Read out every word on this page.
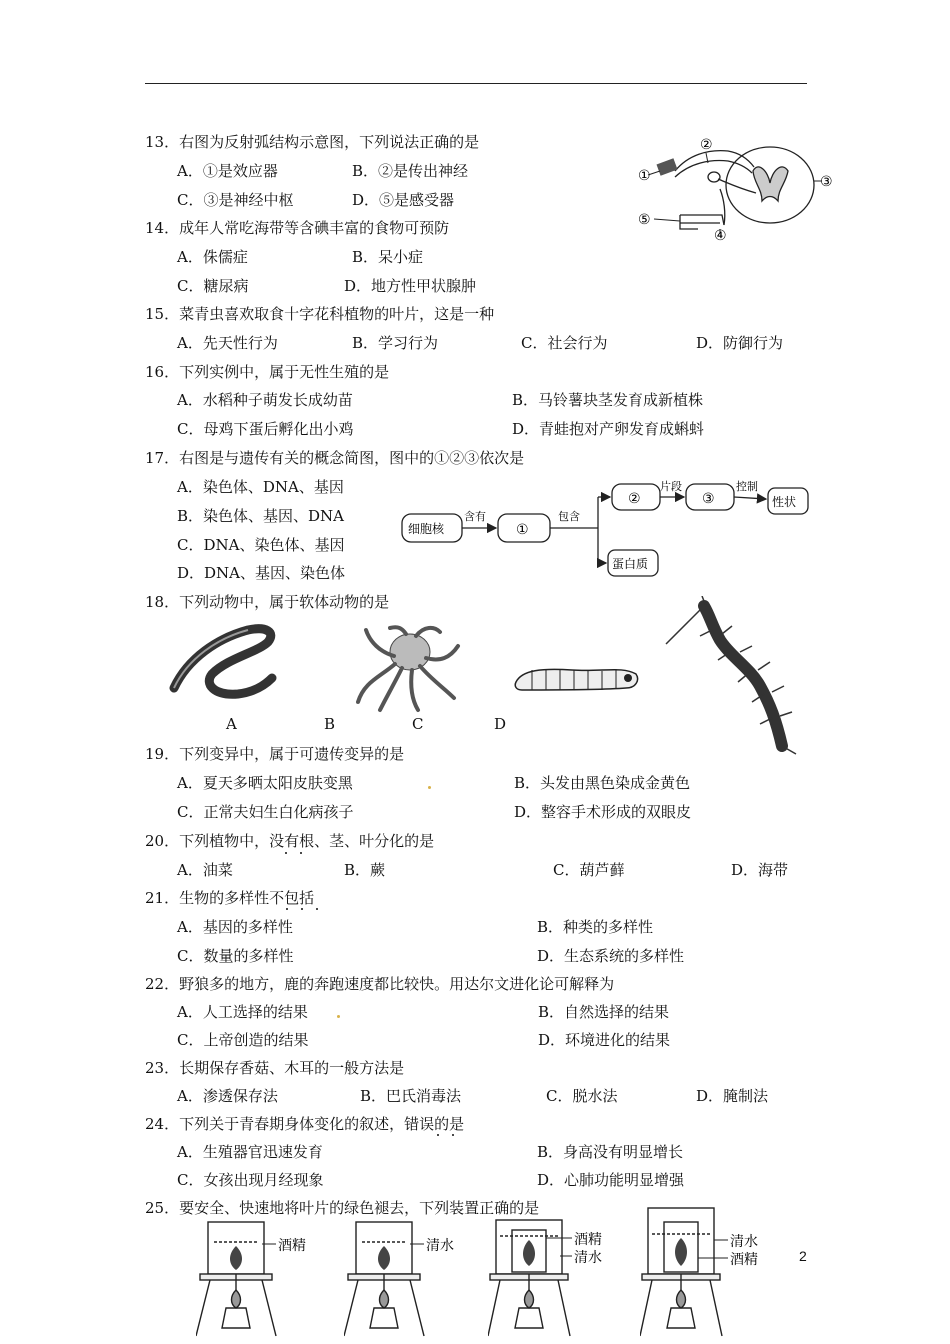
13．右图为反射弧结构示意图，下列说法正确的是
A．①是效应器	B．②是传出神经
C．③是神经中枢	D．⑤是感受器
①
②
③
④
⑤
14．成年人常吃海带等含碘丰富的食物可预防
A．侏儒症	B．呆小症
C．糖尿病	D．地方性甲状腺肿
15．菜青虫喜欢取食十字花科植物的叶片，这是一种
A．先天性行为	B．学习行为	C．社会行为	D．防御行为
16．下列实例中，属于无性生殖的是
A．水稻种子萌发长成幼苗	B．马铃薯块茎发育成新植株
C．母鸡下蛋后孵化出小鸡	D．青蛙抱对产卵发育成蝌蚪
17．右图是与遗传有关的概念简图，图中的①②③依次是
A．染色体、DNA、基因
B．染色体、基因、DNA
C．DNA、染色体、基因
D．DNA、基因、染色体
细胞核
含有
①
包含
②
片段
③
控制
性状
蛋白质
18．下列动物中，属于软体动物的是
A	B	C	D
19．下列变异中，属于可遗传变异的是
A．夏天多晒太阳皮肤变黑	B．头发由黑色染成金黄色
C．正常夫妇生白化病孩子	D．整容手术形成的双眼皮
20．下列植物中，没有根、茎、叶分化的是
A．油菜	B．蕨	C．葫芦藓	D．海带
21．生物的多样性不包括
A．基因的多样性	B．种类的多样性
C．数量的多样性	D．生态系统的多样性
22．野狼多的地方，鹿的奔跑速度都比较快。用达尔文进化论可解释为
A．人工选择的结果	B．自然选择的结果
C．上帝创造的结果	D．环境进化的结果
23．长期保存香菇、木耳的一般方法是
A．渗透保存法	B．巴氏消毒法	C．脱水法	D．腌制法
24．下列关于青春期身体变化的叙述，错误的是
A．生殖器官迅速发育	B．身高没有明显增长
C．女孩出现月经现象	D．心肺功能明显增强
25．要安全、快速地将叶片的绿色褪去，下列装置正确的是
2
酒精	清水	酒精
清水
清水
酒精
